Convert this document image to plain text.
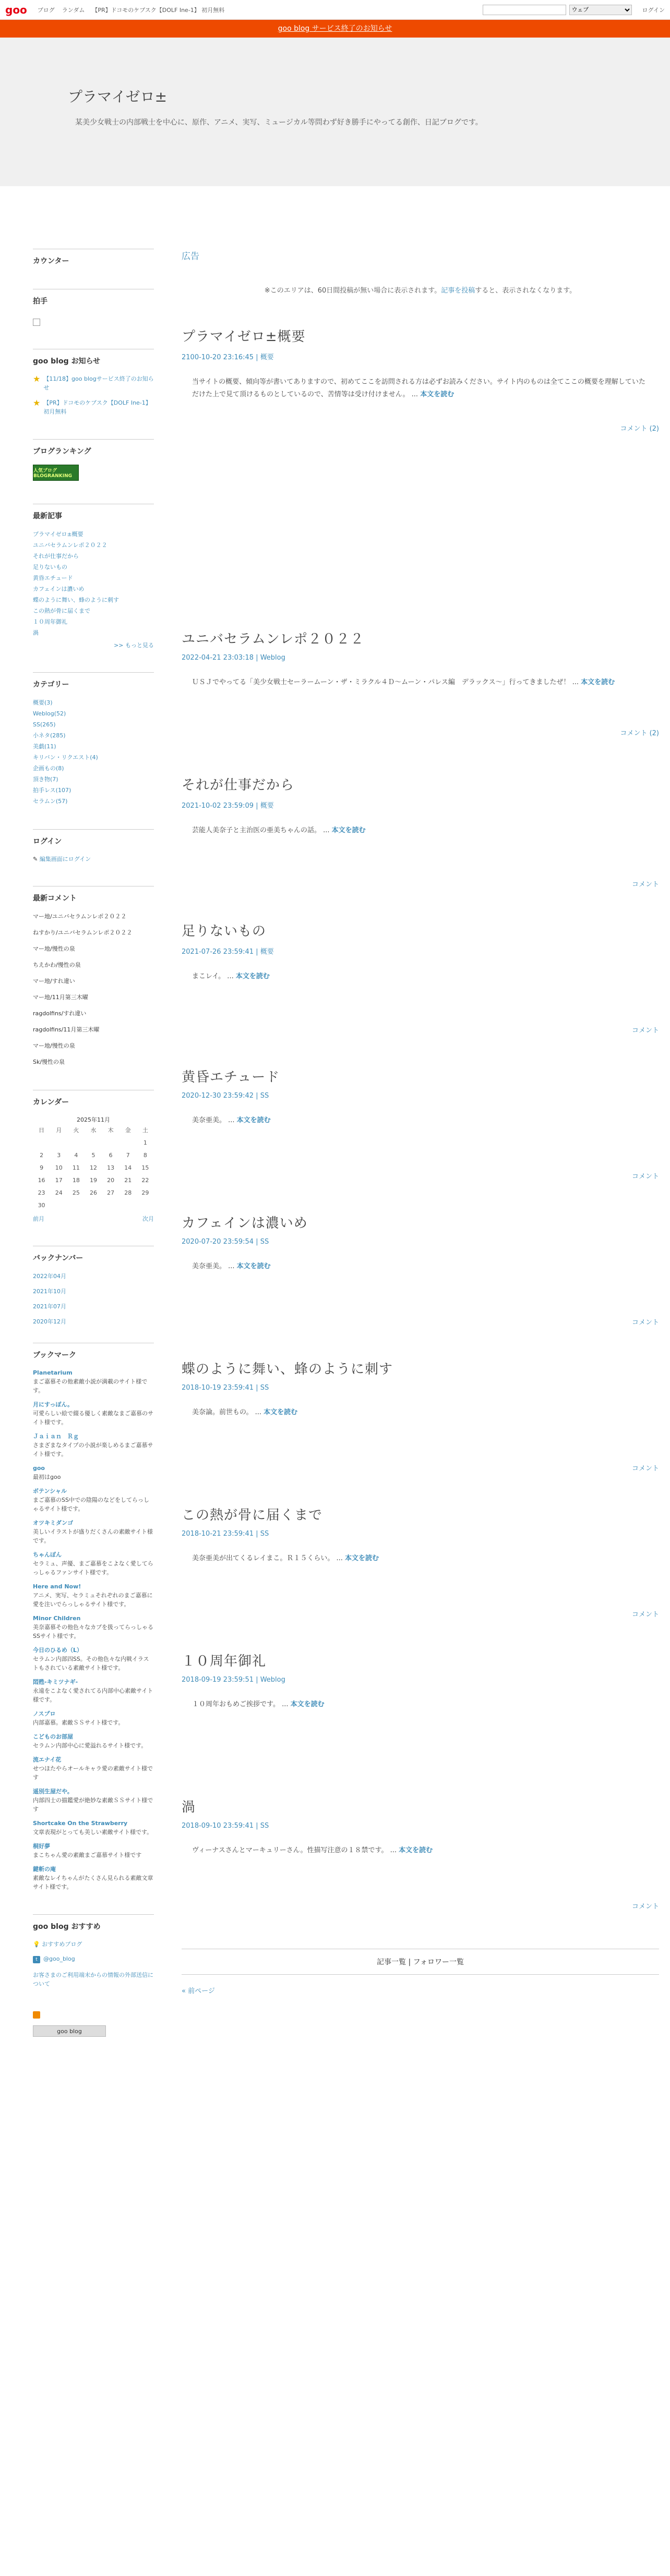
goo ブログ ランダム 【PR】ドコモのケブスク【DOLF Ine-1】 初月無料
ウェブ	ログイン
goo blog サービス終了のお知らせ
プラマイゼロ±
某美少女戦士の内部戦士を中心に、原作、アニメ、実写、ミュージカル等問わず好き勝手にやってる創作、日記ブログです。
カウンター
拍手
goo blog お知らせ
★ 【11/18】goo blogサービス終了のお知らせ
★ 【PR】ドコモのケブスク【DOLF Ine-1】初月無料
ブログランキング
人気ブログ BLOGRANKING
最新記事
プラマイゼロ±概要
ユニバセラムンレポ２０２２
それが仕事だから
足りないもの
黄昏エチュード
カフェインは濃いめ
蝶のように舞い、蜂のように刺す
この熱が骨に届くまで
１０周年御礼
渦
>> もっと見る
カテゴリー
概要(3)
Weblog(52)
SS(265)
小ネタ(285)
美戯(11)
キリバン・リクエスト(4)
企画もの(8)
頂き物(7)
拍手レス(107)
セラムン(57)
ログイン
✎ 編集画面にログイン
最新コメント
マー地/ユニバセラムンレポ２０２２
ねすかり/ユニバセラムンレポ２０２２
マー地/慢性の泉
ちえかわ/慢性の泉
マー地/すれ違い
マー地/11月第三木曜
ragdolfins/すれ違い
ragdolfins/11月第三木曜
マー地/慢性の泉
Sk/慢性の泉
カレンダー
2025年11月
日	月	火	水	木	金	土
						1
2	3	4	5	6	7	8
9	10	11	12	13	14	15
16	17	18	19	20	21	22
23	24	25	26	27	28	29
30						
前月	次月
バックナンバー
2022年04月
2021年10月
2021年07月
2020年12月
ブックマーク
Planetarium
まご嘉慕その他素敵小説が満載のサイト様です。
月にすっぽん。
可愛らしい絵で綴る優しく素敵なまご嘉慕のサイト様です。
Ｊａｉａｎ　Ｒｇ
さまざまなタイプの小説が楽しめるまご嘉慕サイト様です。
goo
最初はgoo
ボテンシャル
まご嘉慕のSS中での陰陽のなどをしてらっしゃるサイト様です。
オツキミダンゴ
美しいイラストが盛りだくさんの素敵サイト様です。
ちゃんぽん
セラミュ、声優、まご嘉慕をこよなく愛してらっしゃるファンサイト様です。
Here and Now!
アニメ、実写、セラミュそれぞれのまご嘉慕に愛を注いでらっしゃるサイト様です。
Minor Children
美奈嘉慕その他色々なカプを扱ってらっしゃるSSサイト様です。
今日のひるめ（L）
セラムン内部四SS。その他色々な内戦イラストもされている素敵サイト様です。
悶甦-キミツナギ-
永遠をこよなく愛されてる内部中心素敵サイト様です。
ノスプロ
内部嘉慕。素敵ＳＳサイト様です。
こどものお部屋
セラムン内部中心に愛溢れるサイト様です。
流エナイ花
せつほたやらオールキャラ愛の素敵サイト様です
遥別生屋だや。
内部四士の描鑑愛が絶妙な素敵ＳＳサイト様です
Shortcake On the Strawberry
文章表現がとっても美しい素敵サイト様です。
桐好夢
まこちゃん愛の素敵まご嘉慕サイト様です
鍵斬の庵
素敵なレイちゃんがたくさん見られる素敵文章サイト様です。
goo blog おすすめ
💡 おすすめブログ
t @goo_blog
お客さまのご利用端末からの情報の外部送信について
goo blog
広告
※このエリアは、60日間投稿が無い場合に表示されます。記事を投稿すると、表示されなくなります。
プラマイゼロ±概要
2100-10-20 23:16:45 | 概要
当サイトの概要、傾向等が書いてありますので、初めてここを訪問される方は必ずお読みください。サイト内のものは全てここの概要を理解していただけた上で見て頂けるものとしているので、苦情等は受け付けません。 ... 本文を読む
コメント (2)
ユニバセラムンレポ２０２２
2022-04-21 23:03:18 | Weblog
ＵＳＪでやってる「美少女戦士セーラームーン・ザ・ミラクル４Ｄ〜ムーン・パレス編　デラックス〜」行ってきましたぜ！ ... 本文を読む
コメント (2)
それが仕事だから
2021-10-02 23:59:09 | 概要
芸能人美奈子と主治医の亜美ちゃんの話。 ... 本文を読む
コメント
足りないもの
2021-07-26 23:59:41 | 概要
まこレイ。 ... 本文を読む
コメント
黄昏エチュード
2020-12-30 23:59:42 | SS
美奈亜美。 ... 本文を読む
コメント
カフェインは濃いめ
2020-07-20 23:59:54 | SS
美奈亜美。 ... 本文を読む
コメント
蝶のように舞い、蜂のように刺す
2018-10-19 23:59:41 | SS
美奈論。前世もの。 ... 本文を読む
コメント
この熱が骨に届くまで
2018-10-21 23:59:41 | SS
美奈亜美が出てくるレイまこ。Ｒ１５くらい。 ... 本文を読む
コメント
１０周年御礼
2018-09-19 23:59:51 | Weblog
１０周年おもめご挨拶です。 ... 本文を読む
渦
2018-09-10 23:59:41 | SS
ヴィーナスさんとマーキュリーさん。性描写注意の１８禁です。 ... 本文を読む
コメント
記事一覧 | フォロワー一覧
« 前ページ
